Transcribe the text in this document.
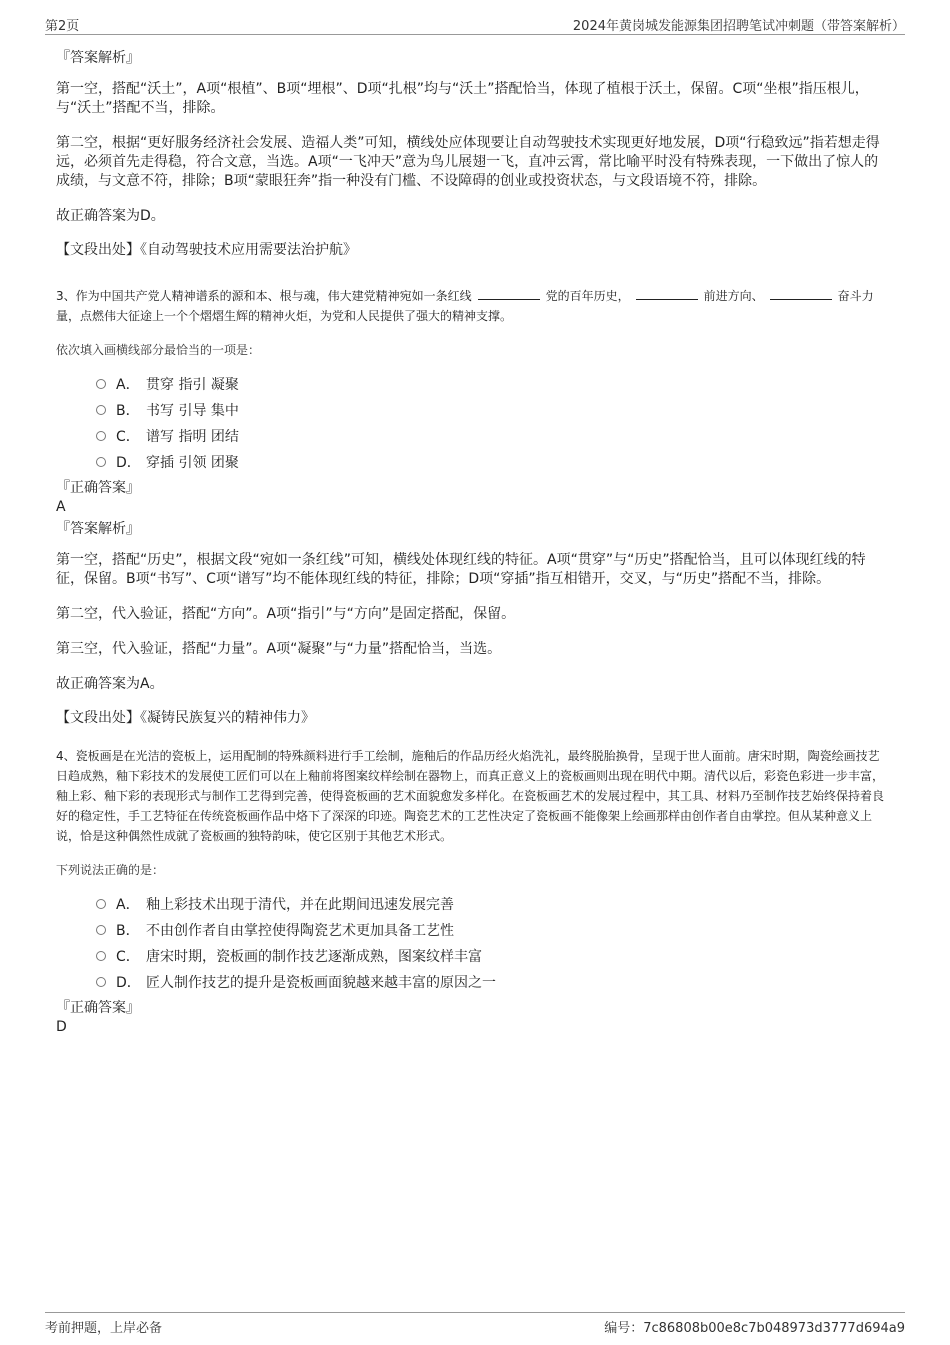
第2页	2024年黄岗城发能源集团招聘笔试冲刺题（带答案解析）
『答案解析』

第一空，搭配“沃土”，A项“根植”、B项“埋根”、D项“扎根”均与“沃土”搭配恰当，体现了植根于沃土，保留。C项“坐根”指压根儿，与“沃土”搭配不当，排除。

第二空，根据“更好服务经济社会发展、造福人类”可知，横线处应体现要让自动驾驶技术实现更好地发展，D项“行稳致远”指若想走得远，必须首先走得稳，符合文意，当选。A项“一飞冲天”意为鸟儿展翅一飞，直冲云霄，常比喻平时没有特殊表现，一下做出了惊人的成绩，与文意不符，排除；B项“蒙眼狂奔”指一种没有门槛、不设障碍的创业或投资状态，与文段语境不符，排除。

故正确答案为D。

【文段出处】《自动驾驶技术应用需要法治护航》

3、作为中国共产党人精神谱系的源和本、根与魂，伟大建党精神宛如一条红线	党的百年历史，	前进方向、	奋斗力量，点燃伟大征途上一个个熠熠生辉的精神火炬，为党和人民提供了强大的精神支撑。

依次填入画横线部分最恰当的一项是：

A． 贯穿 指引 凝聚
B． 书写 引导 集中
C． 谱写 指明 团结
D． 穿插 引领 团聚
『正确答案』
A
『答案解析』

第一空，搭配“历史”，根据文段“宛如一条红线”可知，横线处体现红线的特征。A项“贯穿”与“历史”搭配恰当，且可以体现红线的特征，保留。B项“书写”、C项“谱写”均不能体现红线的特征，排除；D项“穿插”指互相错开，交叉，与“历史”搭配不当，排除。

第二空，代入验证，搭配“方向”。A项“指引”与“方向”是固定搭配，保留。

第三空，代入验证，搭配“力量”。A项“凝聚”与“力量”搭配恰当，当选。

故正确答案为A。

【文段出处】《凝铸民族复兴的精神伟力》

4、瓷板画是在光洁的瓷板上，运用配制的特殊颜料进行手工绘制，施釉后的作品历经火焰洗礼，最终脱胎换骨，呈现于世人面前。唐宋时期，陶瓷绘画技艺日趋成熟，釉下彩技术的发展使工匠们可以在上釉前将图案纹样绘制在器物上，而真正意义上的瓷板画则出现在明代中期。清代以后，彩瓷色彩进一步丰富，釉上彩、釉下彩的表现形式与制作工艺得到完善，使得瓷板画的艺术面貌愈发多样化。在瓷板画艺术的发展过程中，其工具、材料乃至制作技艺始终保持着良好的稳定性，手工艺特征在传统瓷板画作品中烙下了深深的印迹。陶瓷艺术的工艺性决定了瓷板画不能像架上绘画那样由创作者自由掌控。但从某种意义上说，恰是这种偶然性成就了瓷板画的独特韵味，使它区别于其他艺术形式。

下列说法正确的是：

A． 釉上彩技术出现于清代，并在此期间迅速发展完善
B． 不由创作者自由掌控使得陶瓷艺术更加具备工艺性
C． 唐宋时期，瓷板画的制作技艺逐渐成熟，图案纹样丰富
D． 匠人制作技艺的提升是瓷板画面貌越来越丰富的原因之一
『正确答案』
D
考前押题，上岸必备	编号：7c86808b00e8c7b048973d3777d694a9
